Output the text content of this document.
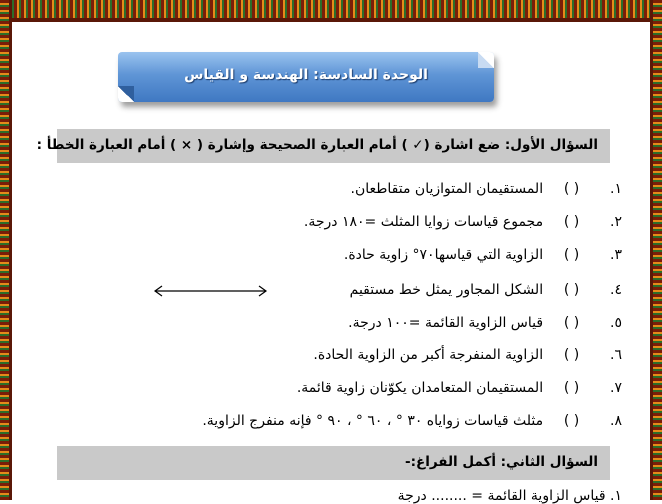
الوحدة السادسة: الهندسة و القياس
السؤال الأول: ضع اشارة (✓ ) أمام العبارة الصحيحة وإشارة ( × ) أمام العبارة الخطأ :
١. ( ) المستقيمان المتوازيان متقاطعان.
٢. ( ) مجموع قياسات زوايا المثلث =١٨٠ درجة.
٣. ( ) الزاوية التي قياسها٧٠° زاوية حادة.
٤. ( ) الشكل المجاور يمثل خط مستقيم
٥. ( ) قياس الزاوية القائمة =١٠٠ درجة.
٦. ( ) الزاوية المنفرجة أكبر من الزاوية الحادة.
٧. ( ) المستقيمان المتعامدان يكوّنان زاوية قائمة.
٨. ( ) مثلث قياسات زواياه ٣٠ ° ، ٦٠ ° ، ٩٠ ° فإنه منفرج الزاوية.
السؤال الثاني: أكمل الفراغ:-
١. قياس الزاوية القائمة = ........ درجة
